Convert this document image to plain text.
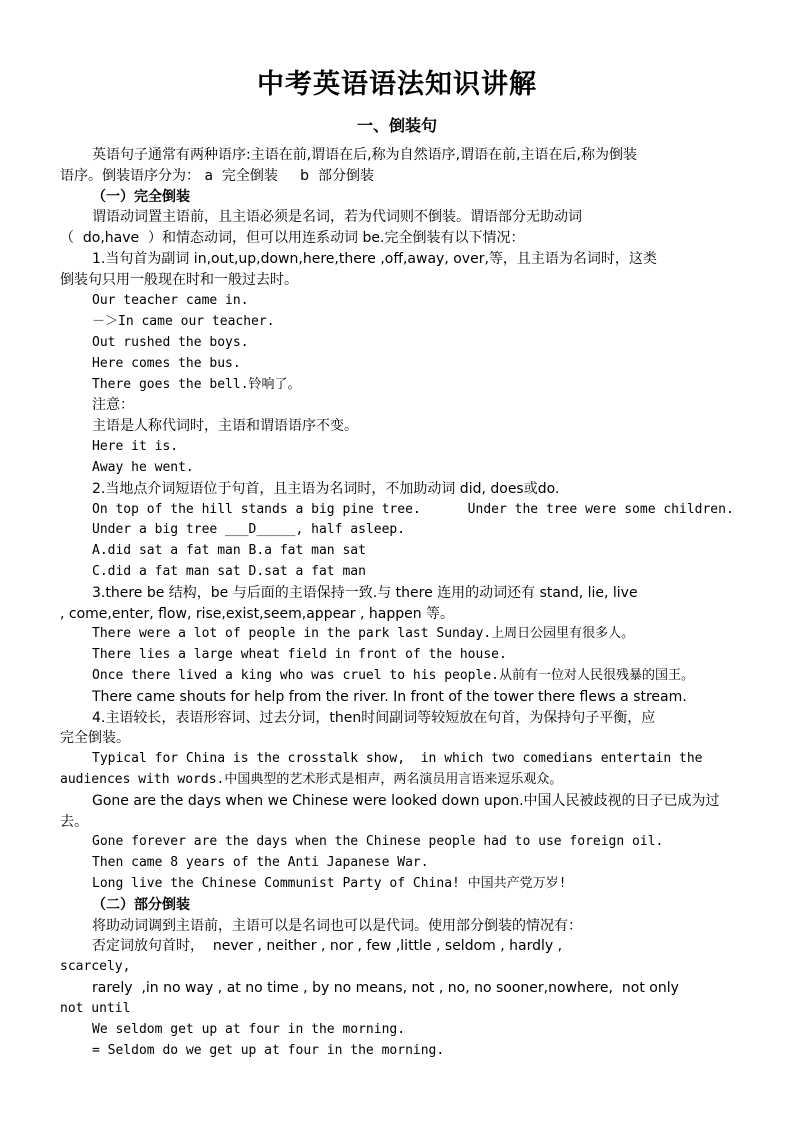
中考英语语法知识讲解
一、倒装句
英语句子通常有两种语序:主语在前,谓语在后,称为自然语序,谓语在前,主语在后,称为倒装
语序。倒装语序分为： a  完全倒装     b  部分倒装
（一）完全倒装
谓语动词置主语前，且主语必须是名词，若为代词则不倒装。谓语部分无助动词
（  do,have  ）和情态动词，但可以用连系动词 be.完全倒装有以下情况：
1.当句首为副词 in,out,up,down,here,there ,off,away, over,等，且主语为名词时，这类
倒装句只用一般现在时和一般过去时。
Our teacher came in.
－＞In came our teacher.
Out rushed the boys.
Here comes the bus.
There goes the bell.铃响了。
注意：
主语是人称代词时，主语和谓语语序不变。
Here it is.
Away he went.
2.当地点介词短语位于句首，且主语为名词时，不加助动词 did, does或do.
On top of the hill stands a big pine tree.      Under the tree were some children.
Under a big tree ___D_____, half asleep.
A.did sat a fat man B.a fat man sat
C.did a fat man sat D.sat a fat man
3.there be 结构，be 与后面的主语保持一致.与 there 连用的动词还有 stand, lie, live
, come,enter, flow, rise,exist,seem,appear , happen 等。
There were a lot of people in the park last Sunday.上周日公园里有很多人。
There lies a large wheat field in front of the house.
Once there lived a king who was cruel to his people.从前有一位对人民很残暴的国王。
There came shouts for help from the river. In front of the tower there flews a stream.
4.主语较长，表语形容词、过去分词，then时间副词等较短放在句首，为保持句子平衡，应
完全倒装。
Typical for China is the crosstalk show,  in which two comedians entertain the
audiences with words.中国典型的艺术形式是相声，两名演员用言语来逗乐观众。
Gone are the days when we Chinese were looked down upon.中国人民被歧视的日子已成为过
去。
Gone forever are the days when the Chinese people had to use foreign oil.
Then came 8 years of the Anti Japanese War.
Long live the Chinese Communist Party of China! 中国共产党万岁!
（二）部分倒装
将助动词调到主语前，主语可以是名词也可以是代词。使用部分倒装的情况有：
否定词放句首时，  never , neither , nor , few ,little , seldom , hardly ,
scarcely,
rarely  ,in no way , at no time , by no means, not , no, no sooner,nowhere,  not only
not until
We seldom get up at four in the morning.
= Seldom do we get up at four in the morning.
